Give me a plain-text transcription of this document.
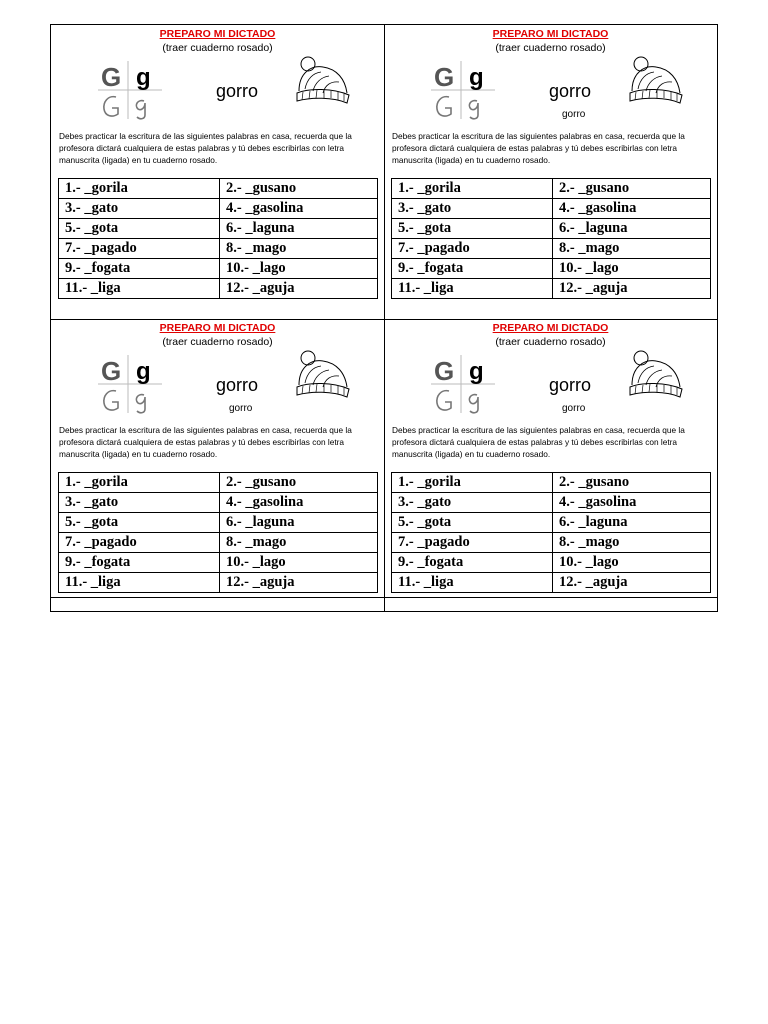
PREPARO MI DICTADO
(traer cuaderno rosado)
G g	gorro
Debes practicar la escritura de las siguientes palabras en casa, recuerda que la profesora dictará cualquiera de estas palabras y tú debes escribirlas con letra manuscrita (ligada) en tu cuaderno rosado.
1.- _gorila	2.- _gusano
3.- _gato	4.- _gasolina
5.- _gota	6.- _laguna
7.- _pagado	8.- _mago
9.- _fogata	10.- _lago
11.- _liga	12.- _aguja
PREPARO MI DICTADO
(traer cuaderno rosado)
G g	gorro
gorro
Debes practicar la escritura de las siguientes palabras en casa, recuerda que la profesora dictará cualquiera de estas palabras y tú debes escribirlas con letra manuscrita (ligada) en tu cuaderno rosado.
1.- _gorila	2.- _gusano
3.- _gato	4.- _gasolina
5.- _gota	6.- _laguna
7.- _pagado	8.- _mago
9.- _fogata	10.- _lago
11.- _liga	12.- _aguja
PREPARO MI DICTADO
(traer cuaderno rosado)
G g	gorro
gorro
Debes practicar la escritura de las siguientes palabras en casa, recuerda que la profesora dictará cualquiera de estas palabras y tú debes escribirlas con letra manuscrita (ligada) en tu cuaderno rosado.
1.- _gorila	2.- _gusano
3.- _gato	4.- _gasolina
5.- _gota	6.- _laguna
7.- _pagado	8.- _mago
9.- _fogata	10.- _lago
11.- _liga	12.- _aguja
PREPARO MI DICTADO
(traer cuaderno rosado)
G g	gorro
gorro
Debes practicar la escritura de las siguientes palabras en casa, recuerda que la profesora dictará cualquiera de estas palabras y tú debes escribirlas con letra manuscrita (ligada) en tu cuaderno rosado.
1.- _gorila	2.- _gusano
3.- _gato	4.- _gasolina
5.- _gota	6.- _laguna
7.- _pagado	8.- _mago
9.- _fogata	10.- _lago
11.- _liga	12.- _aguja
